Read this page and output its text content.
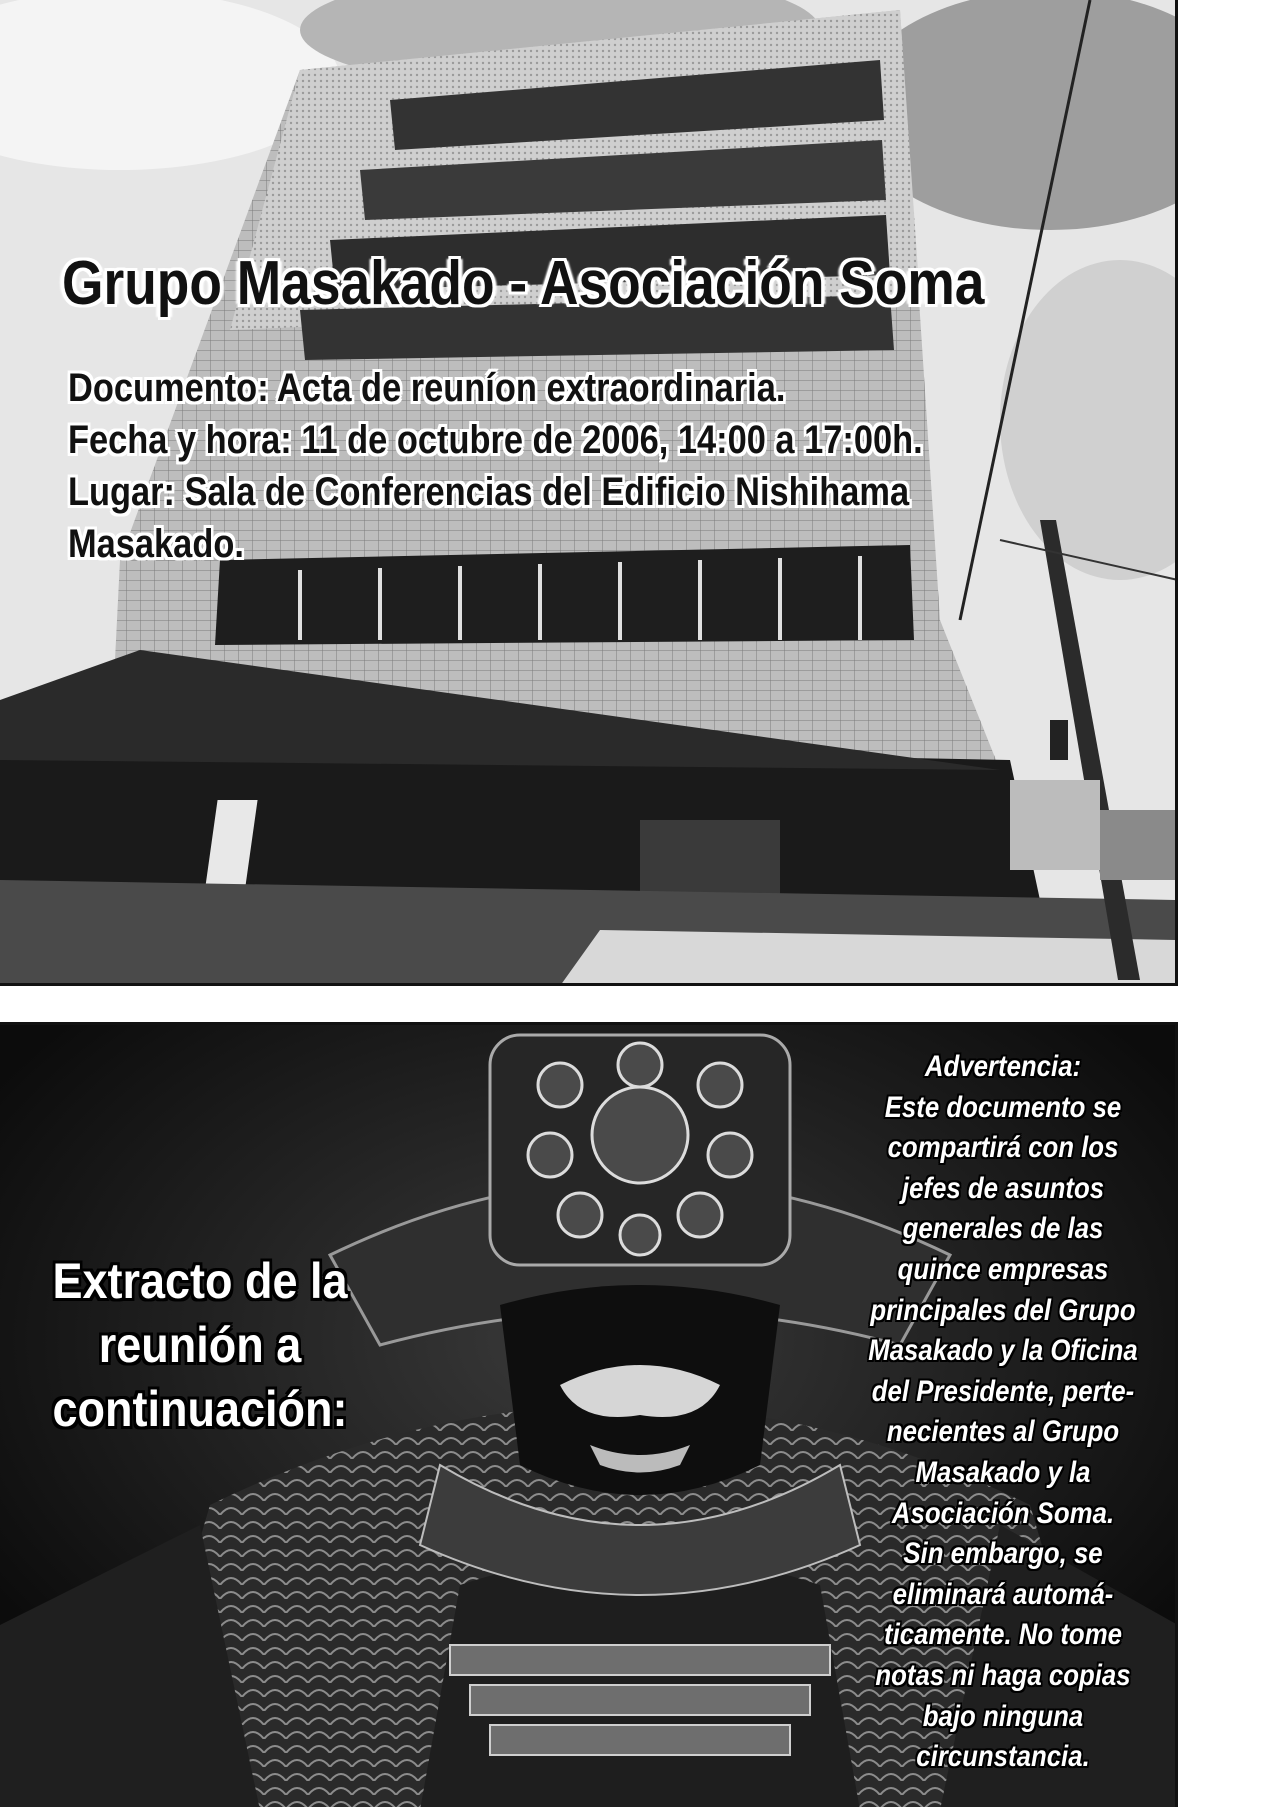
Grupo Masakado - Asociación Soma
Documento: Acta de reuníon extraordinaria.
Fecha y hora: 11 de octubre de 2006, 14:00 a 17:00h.
Lugar: Sala de Conferencias del Edificio Nishihama
Masakado.
Extracto de la
reunión a
continuación:
Advertencia:
Este documento se
compartirá con los
jefes de asuntos
generales de las
quince empresas
principales del Grupo
Masakado y la Oficina
del Presidente, perte-
necientes al Grupo
Masakado y la
Asociación Soma.
Sin embargo, se
eliminará automá-
ticamente. No tome
notas ni haga copias
bajo ninguna
circunstancia.
